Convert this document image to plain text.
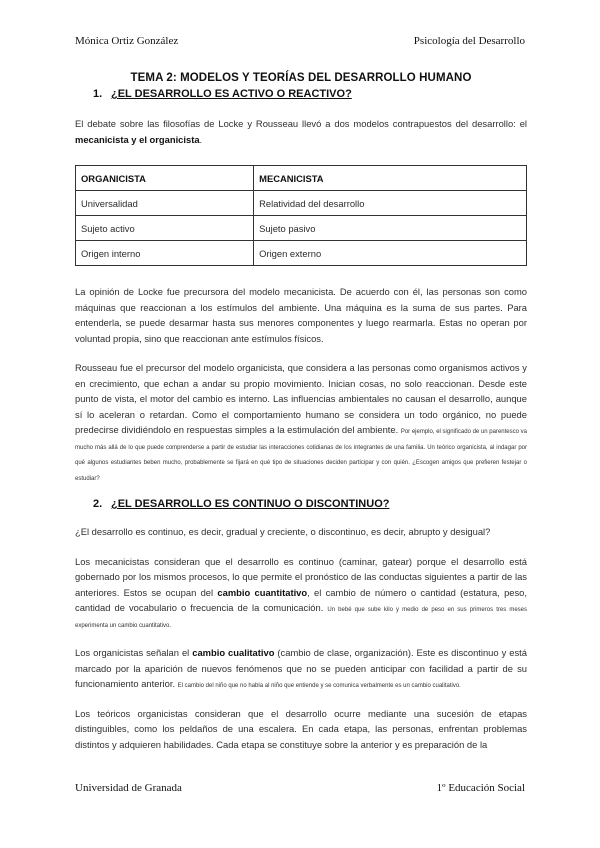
Mónica Ortiz González	Psicología del Desarrollo
TEMA 2: MODELOS Y TEORÍAS DEL DESARROLLO HUMANO
1. ¿EL DESARROLLO ES ACTIVO O REACTIVO?

El debate sobre las filosofías de Locke y Rousseau llevó a dos modelos contrapuestos del desarrollo: el mecanicista y el organicista.

ORGANICISTA	MECANICISTA
Universalidad	Relatividad del desarrollo
Sujeto activo	Sujeto pasivo
Origen interno	Origen externo

La opinión de Locke fue precursora del modelo mecanicista. De acuerdo con él, las personas son como máquinas que reaccionan a los estímulos del ambiente. Una máquina es la suma de sus partes. Para entenderla, se puede desarmar hasta sus menores componentes y luego rearmarla. Estas no operan por voluntad propia, sino que reaccionan ante estímulos físicos.

Rousseau fue el precursor del modelo organicista, que considera a las personas como organismos activos y en crecimiento, que echan a andar su propio movimiento. Inician cosas, no solo reaccionan. Desde este punto de vista, el motor del cambio es interno. Las influencias ambientales no causan el desarrollo, aunque sí lo aceleran o retardan. Como el comportamiento humano se considera un todo orgánico, no puede predecirse dividiéndolo en respuestas simples a la estimulación del ambiente. Por ejemplo, el significado de un parentesco va mucho más allá de lo que puede comprenderse a partir de estudiar las interacciones cotidianas de los integrantes de una familia. Un teórico organicista, al indagar por qué algunos estudiantes beben mucho, probablemente se fijará en qué tipo de situaciones deciden participar y con quién. ¿Escogen amigos que prefieren festejar o estudiar?

2. ¿EL DESARROLLO ES CONTINUO O DISCONTINUO?

¿El desarrollo es continuo, es decir, gradual y creciente, o discontinuo, es decir, abrupto y desigual?

Los mecanicistas consideran que el desarrollo es continuo (caminar, gatear) porque el desarrollo está gobernado por los mismos procesos, lo que permite el pronóstico de las conductas siguientes a partir de las anteriores. Estos se ocupan del cambio cuantitativo, el cambio de número o cantidad (estatura, peso, cantidad de vocabulario o frecuencia de la comunicación. Un bebé que sube kilo y medio de peso en sus primeros tres meses experimenta un cambio cuantitativo.

Los organicistas señalan el cambio cualitativo (cambio de clase, organización). Este es discontinuo y está marcado por la aparición de nuevos fenómenos que no se pueden anticipar con facilidad a partir de su funcionamiento anterior. El cambio del niño que no habla al niño que entiende y se comunica verbalmente es un cambio cualitativo.

Los teóricos organicistas consideran que el desarrollo ocurre mediante una sucesión de etapas distinguibles, como los peldaños de una escalera. En cada etapa, las personas, enfrentan problemas distintos y adquieren habilidades. Cada etapa se constituye sobre la anterior y es preparación de la

Universidad de Granada	1º Educación Social
